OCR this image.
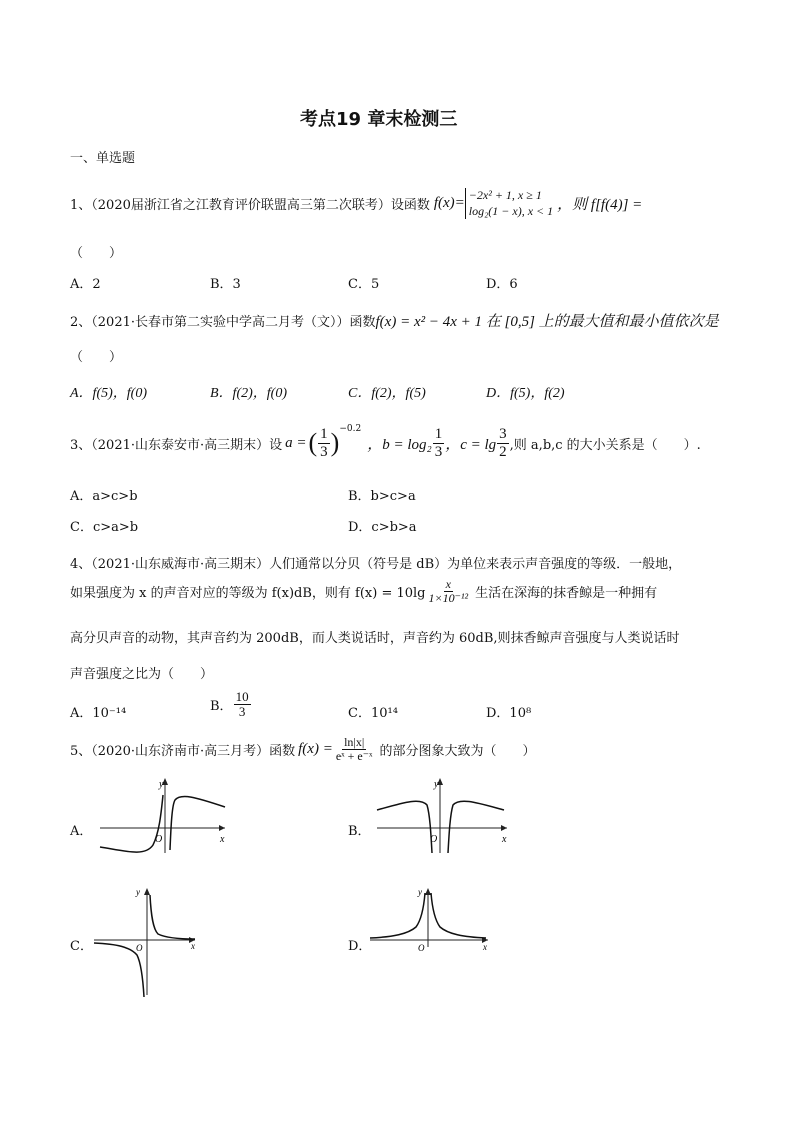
考点19 章末检测三
一、单选题
1、（2020届浙江省之江教育评价联盟高三第二次联考）设函数 f(x)=
−2x² + 1, x ≥ 1
log₂(1 − x), x < 1 ，则 f[f(4)] =
（　　）
A．2	B．3	C．5	D．6
2、（2021·长春市第二实验中学高二月考（文））函数f(x) = x² − 4x + 1 在 [0,5] 上的最大值和最小值依次是
（　　）
A．f(5)，f(0)	B．f(2)，f(0)	C．f(2)，f(5)	D．f(5)，f(2)
3、（2021·山东泰安市·高三期末）设 a = ( $\frac{1}{3} )^{-0.2}$
，$b = \log_2 \frac{1}{3}$ ，$c = \lg \frac{3}{2}$ ,则 a,b,c 的大小关系是（　　）.
A．a>c>b	B．b>c>a
C．c>a>b	D．c>b>a
4、（2021·山东威海市·高三期末）人们通常以分贝（符号是 dB）为单位来表示声音强度的等级．一般地，
如果强度为 x 的声音对应的等级为 f(x)dB，则有 $f(x) = 10\lg \frac{x}{\text{1×10⁻¹²}}$ 生活在深海的抹香鲸是一种拥有
高分贝声音的动物，其声音约为 200dB，而人类说话时，声音约为 60dB,则抹香鲸声音强度与人类说话时
声音强度之比为（　　）
A．10⁻¹⁴	B． $\frac{10}{3}$	C．10¹⁴	D．10⁸
5、（2020·山东济南市·高三月考）函数 $f(x) = \frac{\ln|x|}{\text{eˣ + e⁻ˣ}}$ 的部分图象大致为（　　）
A．	B．
C．	D．
y
x
O
y
x
O
y
x
O
y
x
O
